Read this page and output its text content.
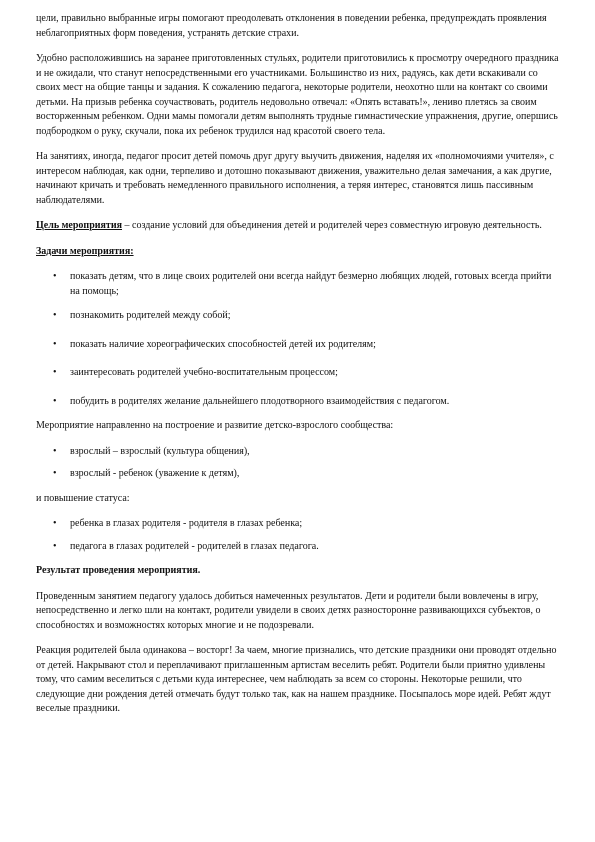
цели, правильно выбранные игры помогают преодолевать отклонения в поведении ребенка, предупреждать проявления неблагоприятных форм поведения, устранять детские страхи.

Удобно расположившись на заранее приготовленных стульях, родители приготовились к просмотру очередного праздника и не ожидали, что станут непосредственными его участниками. Большинство из них, радуясь, как дети вскакивали со своих мест на общие танцы и задания. К сожалению педагога, некоторые родители, неохотно шли на контакт со своими детьми. На призыв ребенка соучаствовать, родитель недовольно отвечал: «Опять вставать!», лениво плетясь за своим восторженным ребенком. Одни мамы помогали детям выполнять трудные гимнастические упражнения, другие, опершись подбородком о руку, скучали, пока их ребенок трудился над красотой своего тела.

На занятиях, иногда, педагог просит детей помочь друг другу выучить движения, наделяя их «полномочиями учителя», с интересом наблюдая, как одни, терпеливо и дотошно показывают движения, уважительно делая замечания, а как другие, начинают кричать и требовать немедленного правильного исполнения, а теряя интерес, становятся лишь пассивным наблюдателями.

Цель мероприятия – создание условий для объединения детей и родителей через совместную игровую деятельность.

Задачи мероприятия:

• показать детям, что в лице своих родителей они всегда найдут безмерно любящих людей, готовых всегда прийти на помощь;
• познакомить родителей между собой;
• показать наличие хореографических способностей детей их родителям;
• заинтересовать родителей учебно-воспитательным процессом;
• побудить в родителях желание дальнейшего плодотворного взаимодействия с педагогом.

Мероприятие направленно на построение и развитие детско-взрослого сообщества:

• взрослый – взрослый (культура общения),
• взрослый - ребенок (уважение к детям),

и повышение статуса:

• ребенка в глазах родителя - родителя в глазах ребенка;
• педагога в глазах родителей - родителей в глазах педагога.

Результат проведения мероприятия.

Проведенным занятием педагогу удалось добиться намеченных результатов. Дети и родители были вовлечены в игру, непосредственно и легко шли на контакт, родители увидели в своих детях разносторонне развивающихся субъектов, о способностях и возможностях которых многие и не подозревали.

Реакция родителей была одинакова – восторг! За чаем, многие признались, что детские праздники они проводят отдельно от детей. Накрывают стол и переплачивают приглашенным артистам веселить ребят. Родители были приятно удивлены тому, что самим веселиться с детьми куда интереснее, чем наблюдать за всем со стороны. Некоторые решили, что следующие дни рождения детей отмечать будут только так, как на нашем празднике. Посыпалось море идей. Ребят ждут веселые праздники.
